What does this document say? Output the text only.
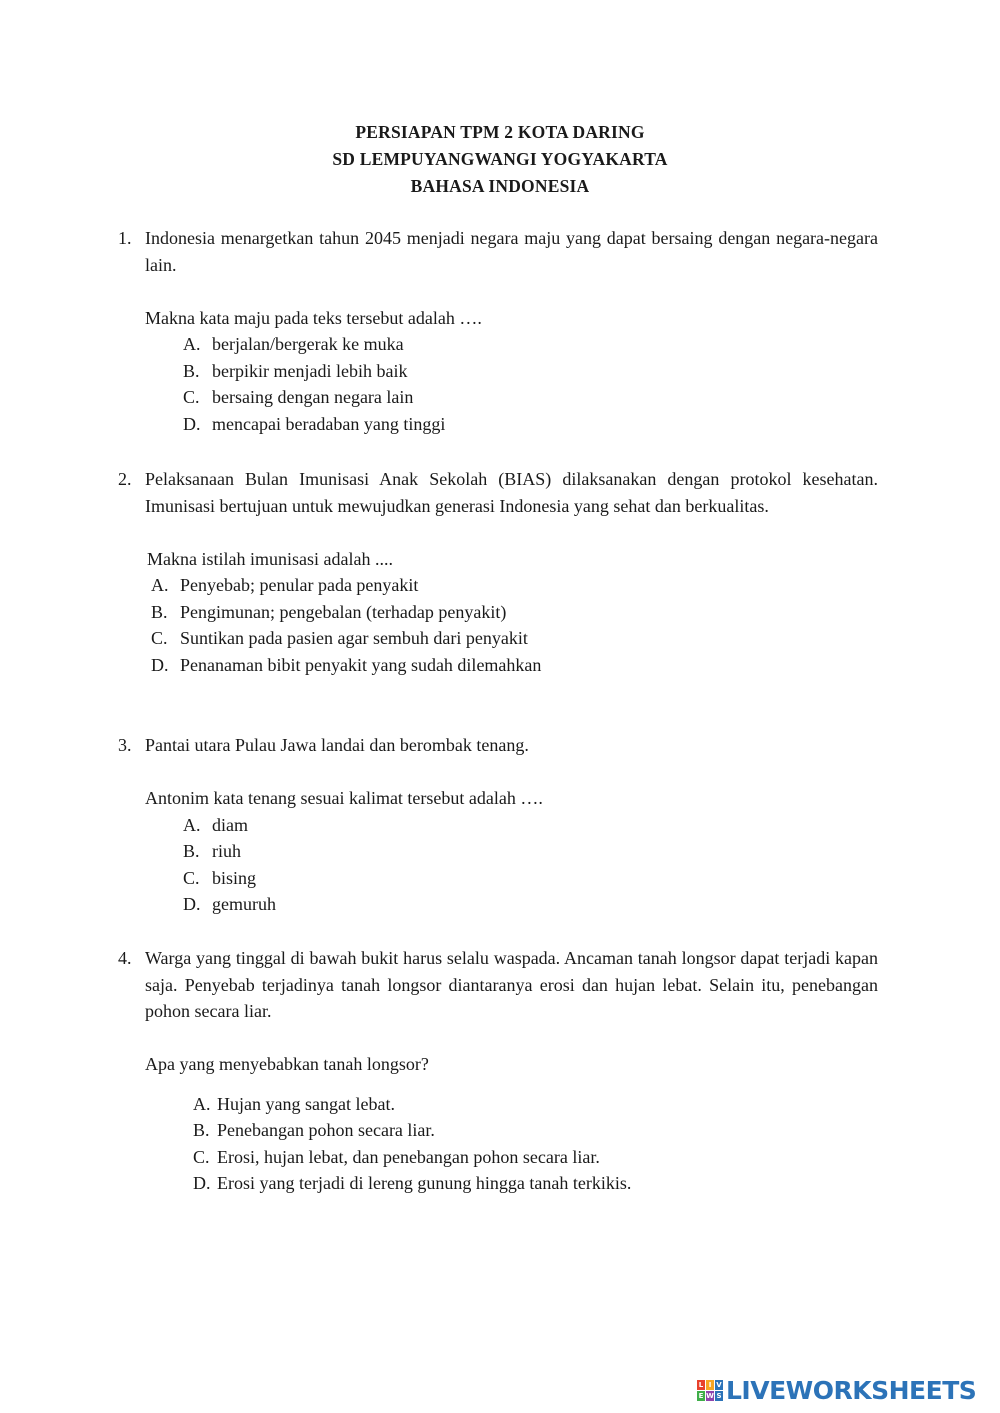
PERSIAPAN TPM 2 KOTA DARING
SD LEMPUYANGWANGI YOGYAKARTA
BAHASA INDONESIA
1. Indonesia menargetkan tahun 2045 menjadi negara maju yang dapat bersaing dengan negara-negara lain.
Makna kata maju pada teks tersebut adalah ….
A. berjalan/bergerak ke muka
B. berpikir menjadi lebih baik
C. bersaing dengan negara lain
D. mencapai beradaban yang tinggi
2. Pelaksanaan Bulan Imunisasi Anak Sekolah (BIAS) dilaksanakan dengan protokol kesehatan. Imunisasi bertujuan untuk mewujudkan generasi Indonesia yang sehat dan berkualitas.
Makna istilah imunisasi adalah ....
A. Penyebab; penular pada penyakit
B. Pengimunan; pengebalan (terhadap penyakit)
C. Suntikan pada pasien agar sembuh dari penyakit
D. Penanaman bibit penyakit yang sudah dilemahkan
3. Pantai utara Pulau Jawa landai dan berombak tenang.
Antonim kata tenang sesuai kalimat tersebut adalah ….
A. diam
B. riuh
C. bising
D. gemuruh
4. Warga yang tinggal di bawah bukit harus selalu waspada. Ancaman tanah longsor dapat terjadi kapan saja. Penyebab terjadinya tanah longsor diantaranya erosi dan hujan lebat. Selain itu, penebangan pohon secara liar.
Apa yang menyebabkan tanah longsor?
A. Hujan yang sangat lebat.
B. Penebangan pohon secara liar.
C. Erosi, hujan lebat, dan penebangan pohon secara liar.
D. Erosi yang terjadi di lereng gunung hingga tanah terkikis.
L I V
E W S LIVEWORKSHEETS
